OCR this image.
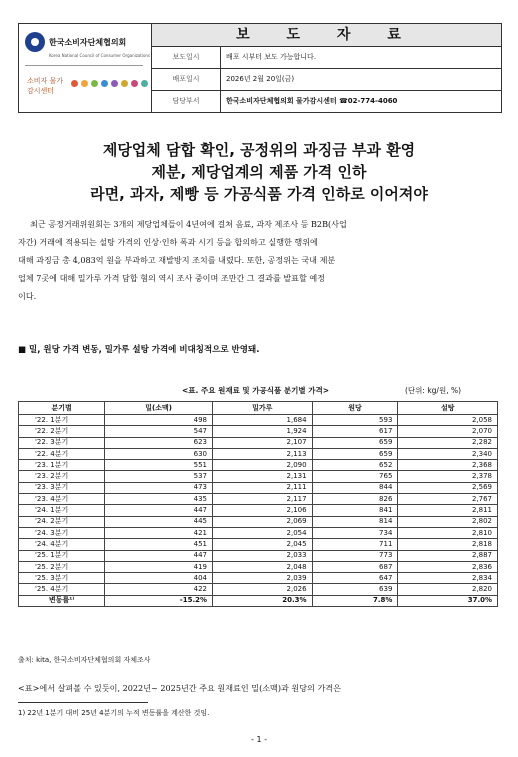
한국소비자단체협의회
Korea National Council of Consumer Organizations
소비자 물가감시센터
보 도 자 료
보도일시	배포 시부터 보도 가능합니다.
배포일시	2026년 2월 20일(금)
담당부서	한국소비자단체협의회 물가감시센터 ☎02-774-4060
제당업체 담합 확인, 공정위의 과징금 부과 환영
제분, 제당업계의 제품 가격 인하
라면, 과자, 제빵 등 가공식품 가격 인하로 이어져야
최근 공정거래위원회는 3개의 제당업체들이 4년여에 걸쳐 음료, 과자 제조사 등 B2B(사업
자간) 거래에 적용되는 설탕 가격의 인상·인하 폭과 시기 등을 합의하고 실행한 행위에
대해 과징금 총 4,083억 원을 부과하고 재발방지 조치를 내렸다. 또한, 공정위는 국내 제분
업체 7곳에 대해 밀가루 가격 담합 혐의 역시 조사 중이며 조만간 그 결과를 발표할 예정
이다.
■ 밀, 원당 가격 변동, 밀가루 설탕 가격에 비대칭적으로 반영돼.
<표. 주요 원재료 및 가공식품 분기별 가격>	(단위: kg/원, %)
분기별	밀(소맥)	밀가루	원당	설탕
'22. 1분기	498	1,684	593	2,058
'22. 2분기	547	1,924	617	2,070
'22. 3분기	623	2,107	659	2,282
'22. 4분기	630	2,113	659	2,340
'23. 1분기	551	2,090	652	2,368
'23. 2분기	537	2,131	765	2,378
'23. 3분기	473	2,111	844	2,569
'23. 4분기	435	2,117	826	2,767
'24. 1분기	447	2,106	841	2,811
'24. 2분기	445	2,069	814	2,802
'24. 3분기	421	2,054	734	2,810
'24. 4분기	451	2,045	711	2,818
'25. 1분기	447	2,033	773	2,887
'25. 2분기	419	2,048	687	2,836
'25. 3분기	404	2,039	647	2,834
'25. 4분기	422	2,026	639	2,820
변동률¹⁾	-15.2%	20.3%	7.8%	37.0%
출처: kita, 한국소비자단체협의회 자체조사
<표>에서 살펴볼 수 있듯이, 2022년~ 2025년간 주요 원재료인 밀(소맥)과 원당의 가격은
1) 22년 1분기 대비 25년 4분기의 누적 변동률을 계산한 것임.
- 1 -
